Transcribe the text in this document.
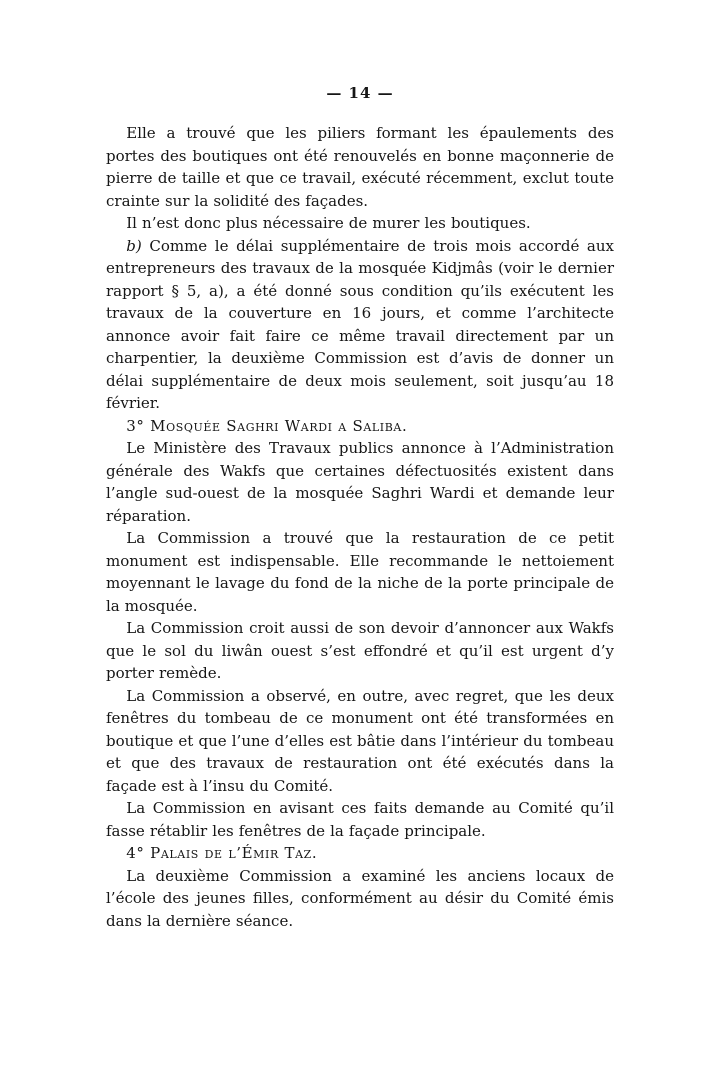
— 14 —

Elle a trouvé que les piliers formant les épaulements des portes des boutiques ont été renouvelés en bonne maçonnerie de pierre de taille et que ce travail, exécuté récemment, exclut toute crainte sur la solidité des façades.

Il n’est donc plus nécessaire de murer les boutiques.

b) Comme le délai supplémentaire de trois mois accordé aux entrepreneurs des travaux de la mosquée Kidjmâs (voir le dernier rapport § 5, a), a été donné sous condition qu’ils exécutent les travaux de la couverture en 16 jours, et comme l’architecte annonce avoir fait faire ce même travail directement par un charpentier, la deuxième Commission est d’avis de donner un délai supplémentaire de deux mois seulement, soit jusqu’au 18 février.

3° Mosquée Saghri Wardi a Saliba.

Le Ministère des Travaux publics annonce à l’Administration générale des Wakfs que certaines défectuosités existent dans l’angle sud-ouest de la mosquée Saghri Wardi et demande leur réparation.

La Commission a trouvé que la restauration de ce petit monument est indispensable. Elle recommande le nettoiement moyennant le lavage du fond de la niche de la porte principale de la mosquée.

La Commission croit aussi de son devoir d’annoncer aux Wakfs que le sol du liwân ouest s’est effondré et qu’il est urgent d’y porter remède.

La Commission a observé, en outre, avec regret, que les deux fenêtres du tombeau de ce monument ont été transformées en boutique et que l’une d’elles est bâtie dans l’intérieur du tombeau et que des travaux de restauration ont été exécutés dans la façade est à l’insu du Comité.

La Commission en avisant ces faits demande au Comité qu’il fasse rétablir les fenêtres de la façade principale.

4° Palais de l’Émir Taz.

La deuxième Commission a examiné les anciens locaux de l’école des jeunes filles, conformément au désir du Comité émis dans la dernière séance.
